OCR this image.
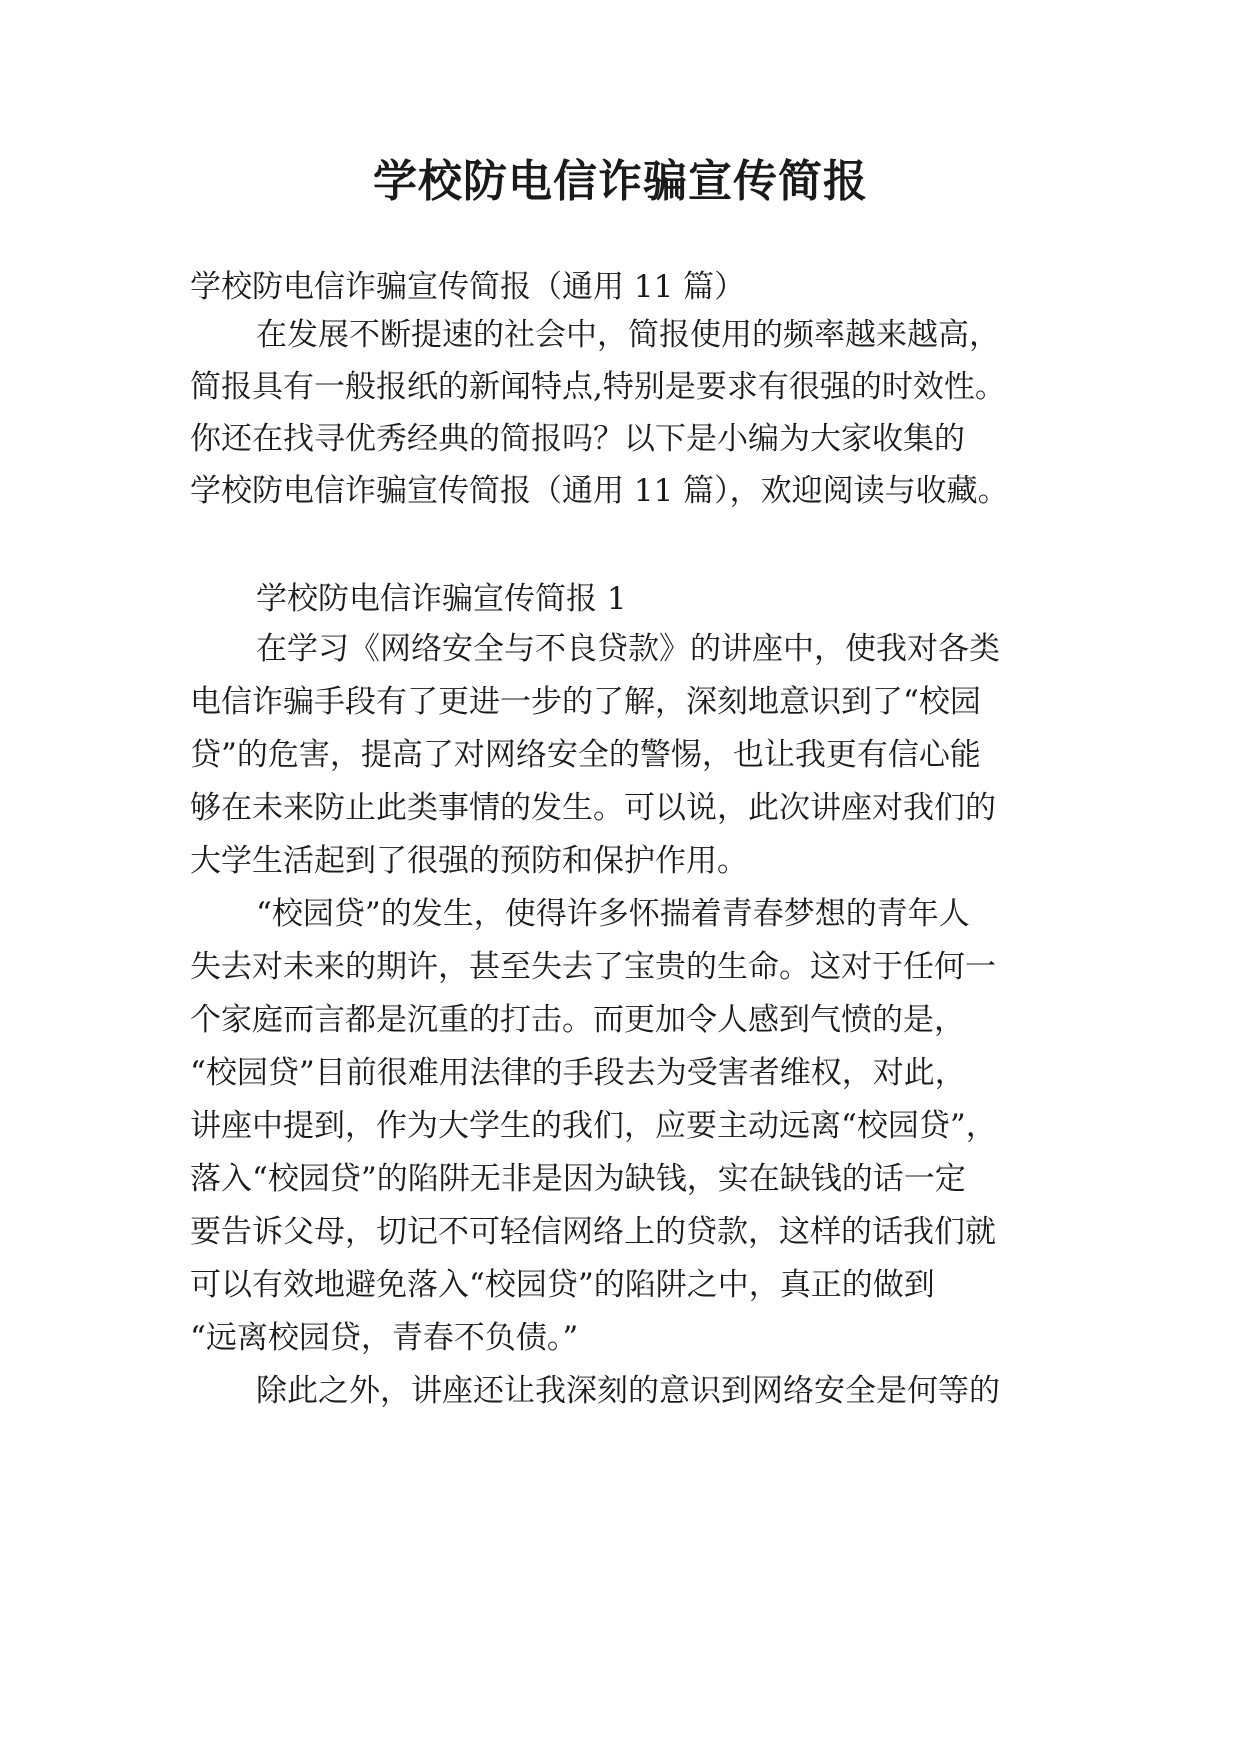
学校防电信诈骗宣传简报

学校防电信诈骗宣传简报（通用 11 篇）

在发展不断提速的社会中，简报使用的频率越来越高，

简报具有一般报纸的新闻特点,特别是要求有很强的时效性。

你还在找寻优秀经典的简报吗？以下是小编为大家收集的

学校防电信诈骗宣传简报（通用 11 篇），欢迎阅读与收藏。

学校防电信诈骗宣传简报 1

在学习《网络安全与不良贷款》的讲座中，使我对各类

电信诈骗手段有了更进一步的了解，深刻地意识到了“校园

贷”的危害，提高了对网络安全的警惕，也让我更有信心能

够在未来防止此类事情的发生。可以说，此次讲座对我们的

大学生活起到了很强的预防和保护作用。

“校园贷”的发生，使得许多怀揣着青春梦想的青年人

失去对未来的期许，甚至失去了宝贵的生命。这对于任何一

个家庭而言都是沉重的打击。而更加令人感到气愤的是，

“校园贷”目前很难用法律的手段去为受害者维权，对此，

讲座中提到，作为大学生的我们，应要主动远离“校园贷”，

落入“校园贷”的陷阱无非是因为缺钱，实在缺钱的话一定

要告诉父母，切记不可轻信网络上的贷款，这样的话我们就

可以有效地避免落入“校园贷”的陷阱之中，真正的做到

“远离校园贷，青春不负债。”

除此之外，讲座还让我深刻的意识到网络安全是何等的
